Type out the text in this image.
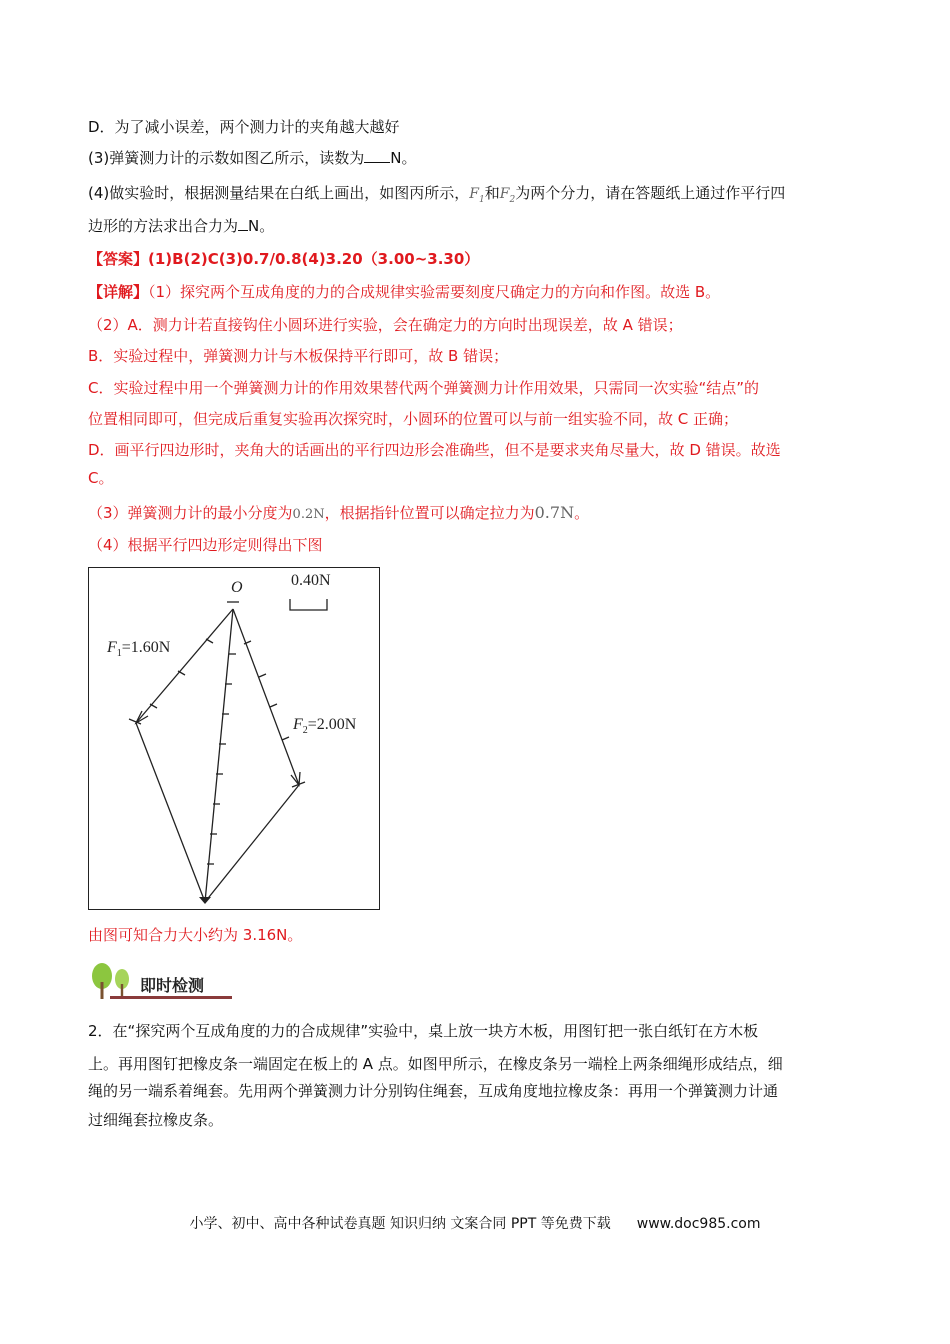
D．为了减小误差，两个测力计的夹角越大越好
(3)弹簧测力计的示数如图乙所示，读数为 N。
(4)做实验时，根据测量结果在白纸上画出，如图丙所示，$F_1$和$F_2$为两个分力，请在答题纸上通过作平行四
边形的方法求出合力为 N。
【答案】(1)B(2)C(3)0.7/0.8(4)3.20（3.00~3.30）
【详解】（1）探究两个互成角度的力的合成规律实验需要刻度尺确定力的方向和作图。故选 B。
（2）A．测力计若直接钩住小圆环进行实验，会在确定力的方向时出现误差，故 A 错误；
B．实验过程中，弹簧测力计与木板保持平行即可，故 B 错误；
C．实验过程中用一个弹簧测力计的作用效果替代两个弹簧测力计作用效果，只需同一次实验“结点”的
位置相同即可，但完成后重复实验再次探究时，小圆环的位置可以与前一组实验不同，故 C 正确；
D．画平行四边形时，夹角大的话画出的平行四边形会准确些，但不是要求夹角尽量大，故 D 错误。故选
C。
（3）弹簧测力计的最小分度为0.2N，根据指针位置可以确定拉力为0.7N。
（4）根据平行四边形定则得出下图
O	0.40N
$F_1=1.60N$
$F_2=2.00N$
由图可知合力大小约为 3.16N。
即时检测
2．在“探究两个互成角度的力的合成规律”实验中，桌上放一块方木板，用图钉把一张白纸钉在方木板
上。再用图钉把橡皮条一端固定在板上的 A 点。如图甲所示，在橡皮条另一端栓上两条细绳形成结点，细
绳的另一端系着绳套。先用两个弹簧测力计分别钩住绳套，互成角度地拉橡皮条：再用一个弹簧测力计通
过细绳套拉橡皮条。
小学、初中、高中各种试卷真题 知识归纳 文案合同 PPT 等免费下载 www.doc985.com
